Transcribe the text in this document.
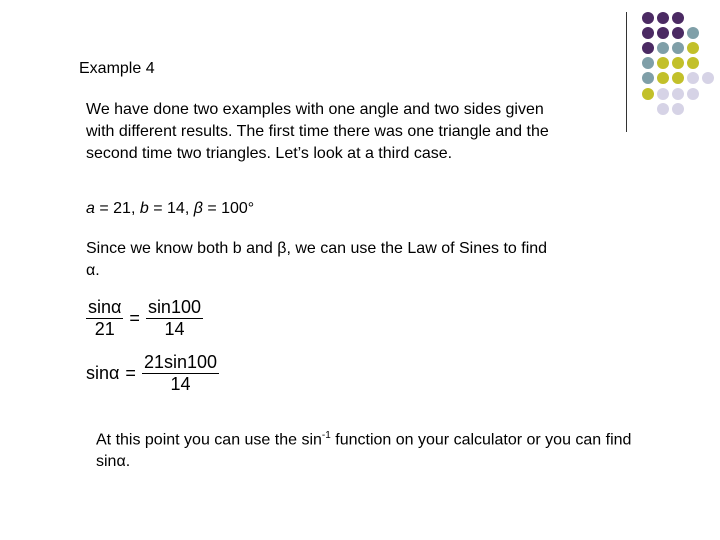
Example 4
We have done two examples with one angle and two sides given with different results. The first time there was one triangle and the second time two triangles. Let’s look at a third case.
a = 21, b = 14, β = 100°
Since we know both b and β, we can use the Law of Sines to find α.
$\frac{\sin\alpha}{21} = \frac{\sin 100}{14}$
$\sin\alpha = \frac{21\sin 100}{14}$
At this point you can use the $\sin^{-1}$ function on your calculator or you can find sinα.
